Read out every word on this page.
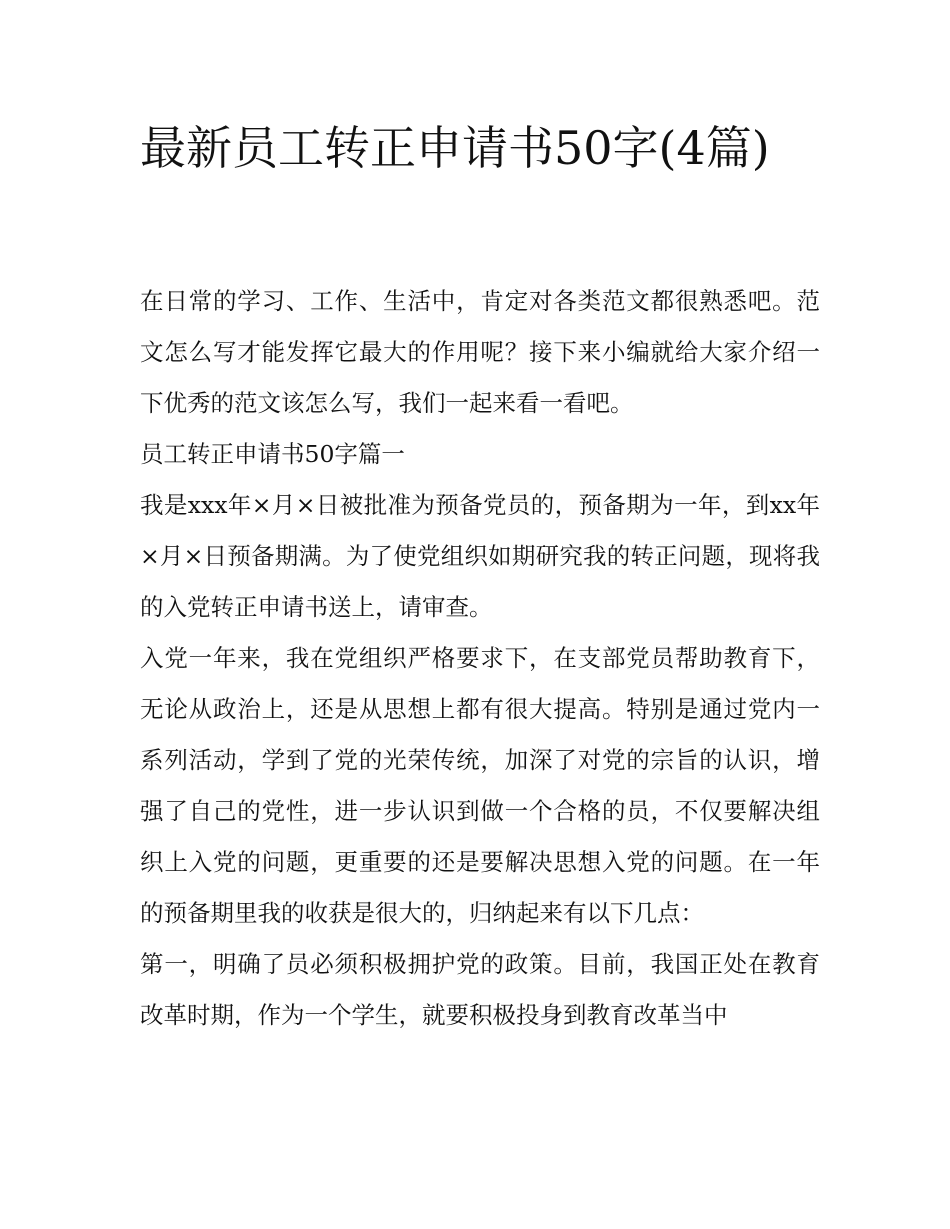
最新员工转正申请书50字(4篇)

在日常的学习、工作、生活中，肯定对各类范文都很熟悉吧。范文怎么写才能发挥它最大的作用呢？接下来小编就给大家介绍一下优秀的范文该怎么写，我们一起来看一看吧。

员工转正申请书50字篇一

我是xxx年×月×日被批准为预备党员的，预备期为一年，到xx年×月×日预备期满。为了使党组织如期研究我的转正问题，现将我的入党转正申请书送上，请审查。

入党一年来，我在党组织严格要求下，在支部党员帮助教育下，无论从政治上，还是从思想上都有很大提高。特别是通过党内一系列活动，学到了党的光荣传统，加深了对党的宗旨的认识，增强了自己的党性，进一步认识到做一个合格的员，不仅要解决组织上入党的问题，更重要的还是要解决思想入党的问题。在一年的预备期里我的收获是很大的，归纳起来有以下几点：

第一，明确了员必须积极拥护党的政策。目前，我国正处在教育改革时期，作为一个学生，就要积极投身到教育改革当中
